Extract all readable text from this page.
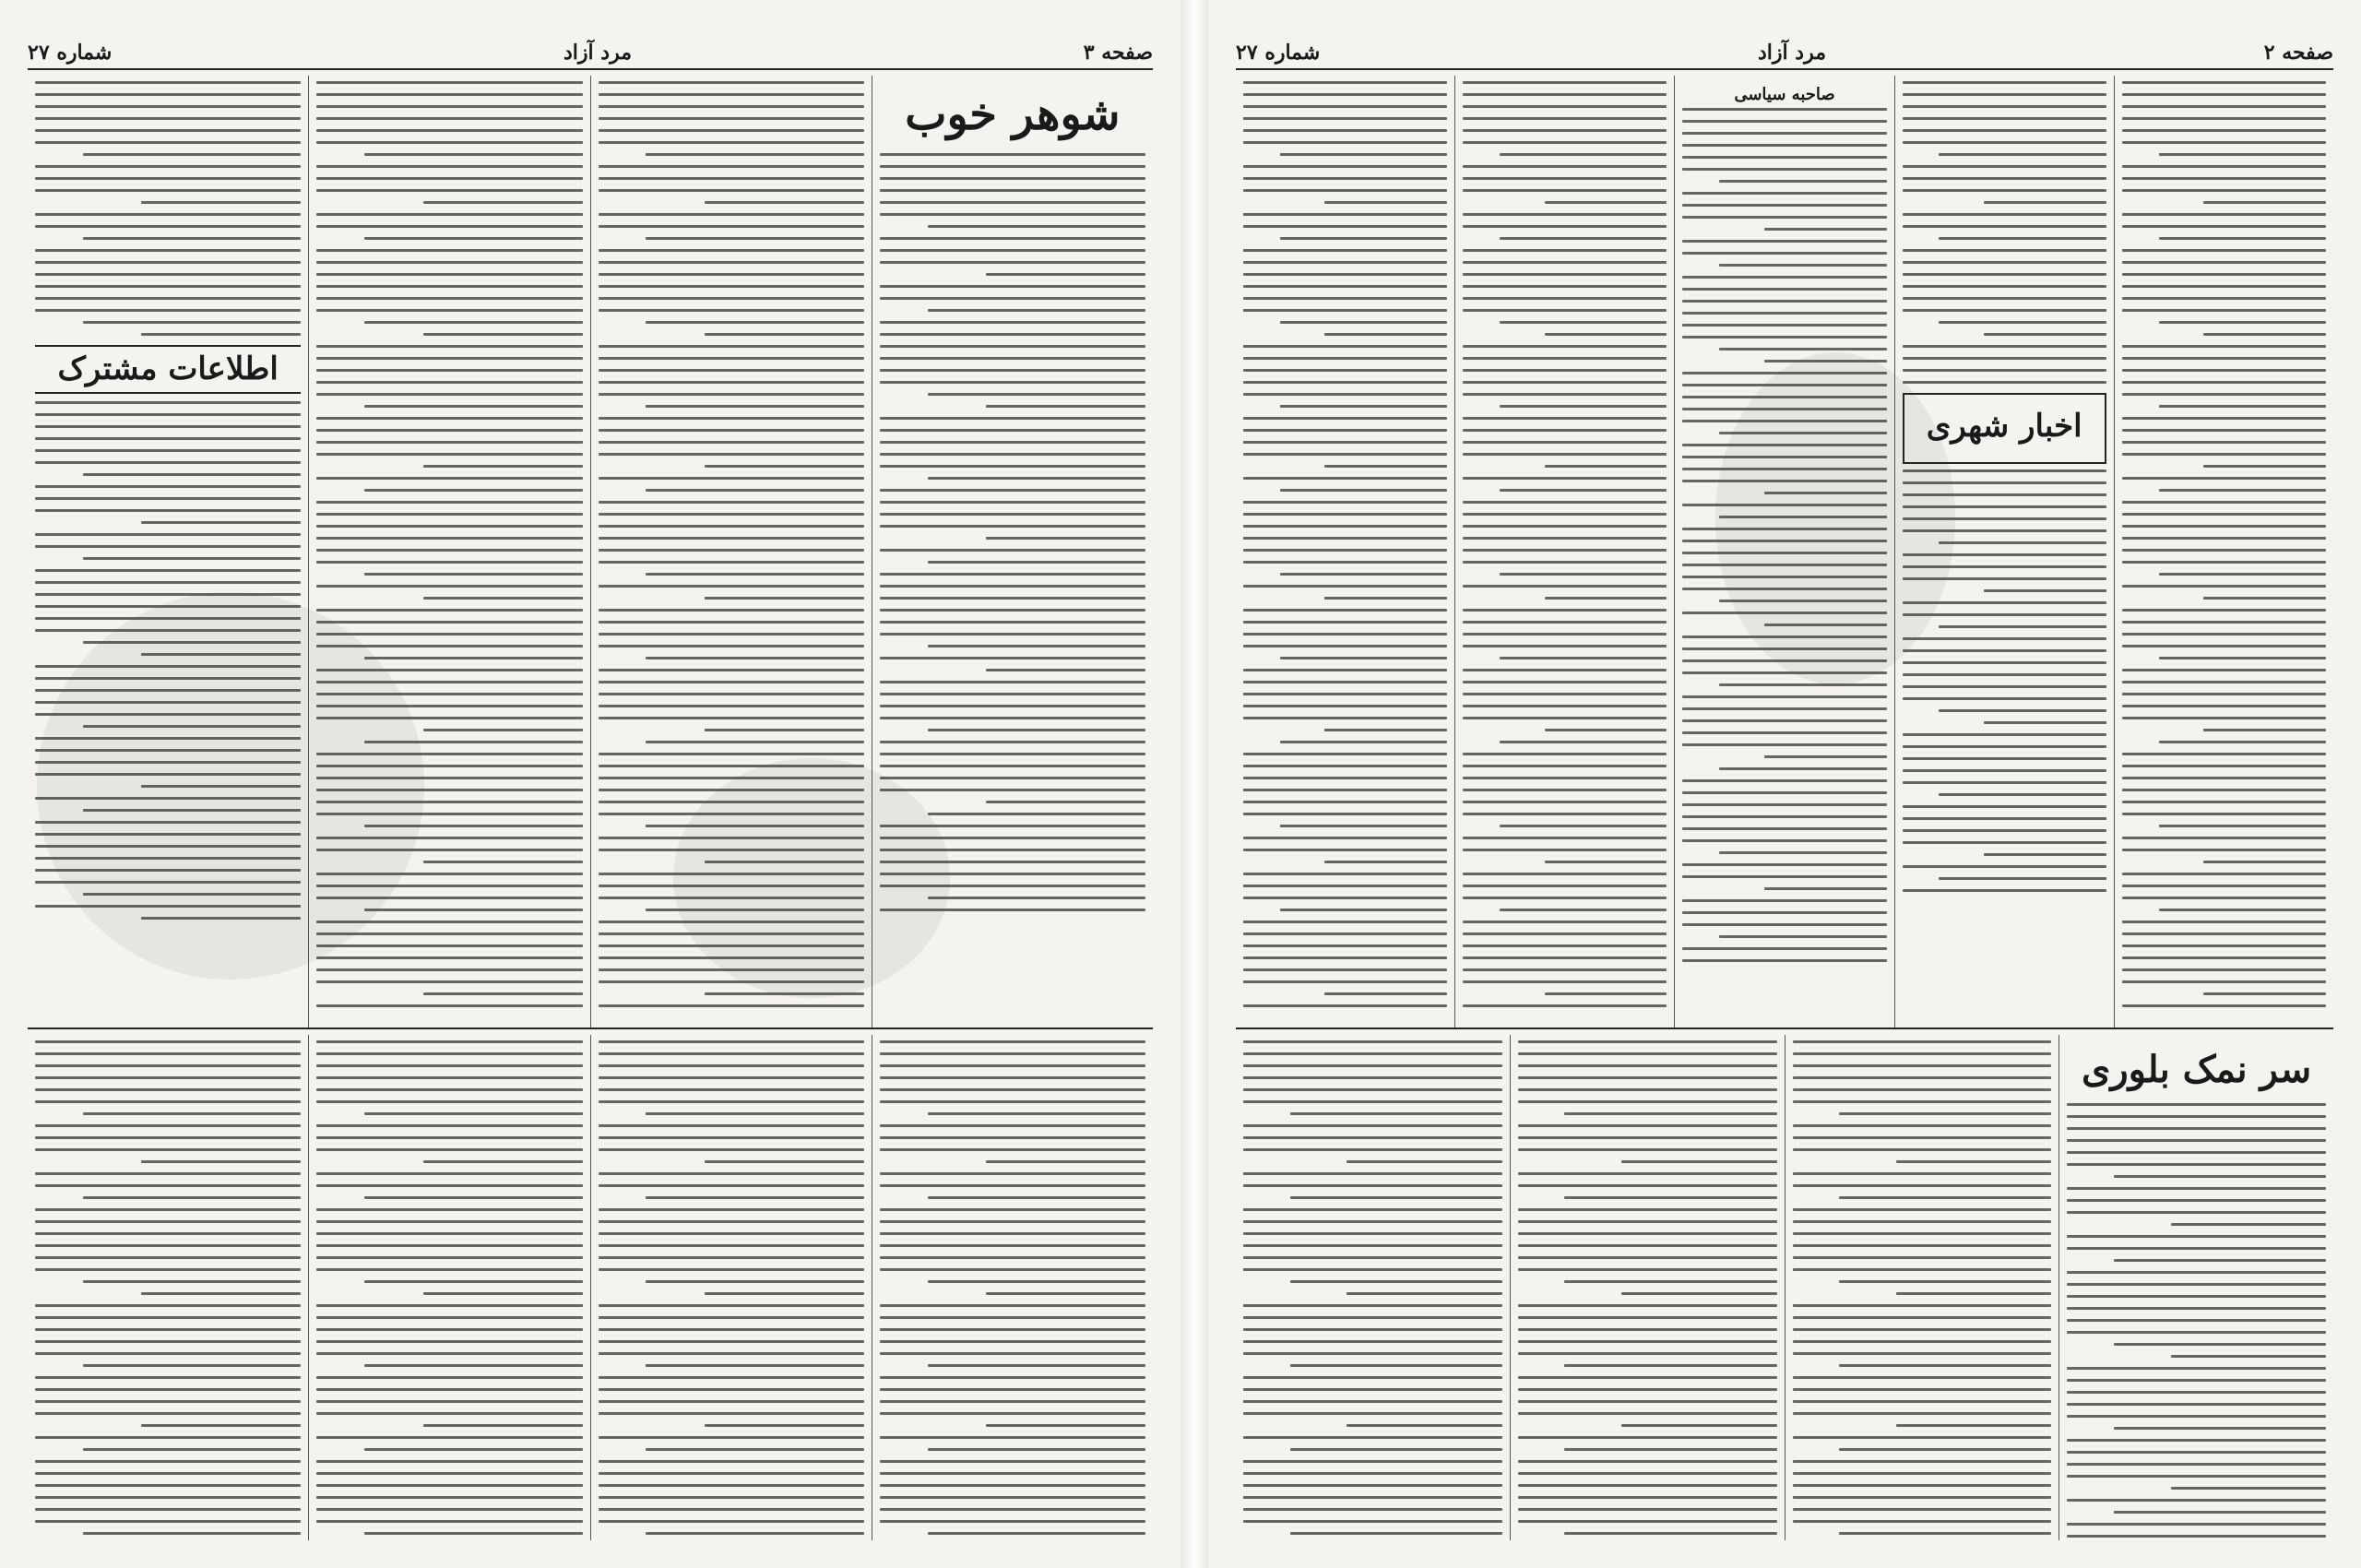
صفحه ۳
مرد آزاد
شماره ۲۷
شوهر خوب
اطلاعات مشترک
صفحه ۲
مرد آزاد
شماره ۲۷
اخبار شهری
صاحبه سیاسی
سر نمک بلوری
